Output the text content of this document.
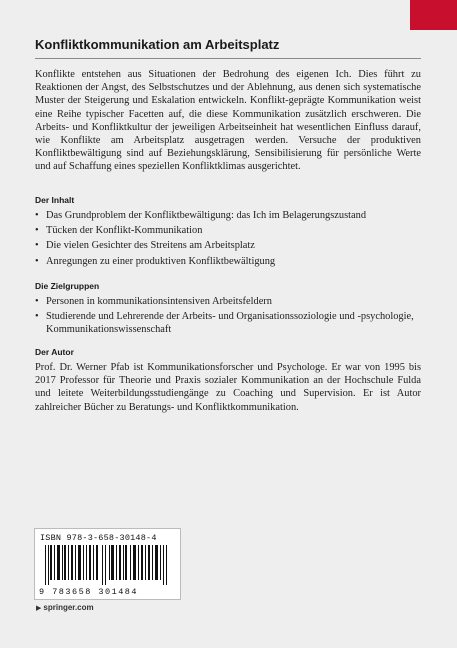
Konfliktkommunikation am Arbeitsplatz

Konflikte entstehen aus Situationen der Bedrohung des eigenen Ich. Dies führt zu Reaktionen der Angst, des Selbstschutzes und der Ablehnung, aus denen sich systematische Muster der Steigerung und Eskalation entwickeln. Konflikt-geprägte Kommunikation weist eine Reihe typischer Facetten auf, die diese Kommunikation zusätzlich erschweren. Die Arbeits- und Konfliktkultur der jeweiligen Arbeitseinheit hat wesentlichen Einfluss darauf, wie Konflikte am Arbeitsplatz ausgetragen werden. Versuche der produktiven Konfliktbewältigung sind auf Beziehungsklärung, Sensibilisierung für persönliche Werte und auf Schaffung eines speziellen Konfliktklimas ausgerichtet.

Der Inhalt
• Das Grundproblem der Konfliktbewältigung: das Ich im Belagerungszustand
• Tücken der Konflikt-Kommunikation
• Die vielen Gesichter des Streitens am Arbeitsplatz
• Anregungen zu einer produktiven Konfliktbewältigung
Die Zielgruppen
• Personen in kommunikationsintensiven Arbeitsfeldern
• Studierende und Lehrerende der Arbeits- und Organisationssoziologie und -psychologie, Kommunikationswissenschaft
Der Autor

Prof. Dr. Werner Pfab ist Kommunikationsforscher und Psychologe. Er war von 1995 bis 2017 Professor für Theorie und Praxis sozialer Kommunikation an der Hochschule Fulda und leitete Weiterbildungsstudiengänge zu Coaching und Supervision. Er ist Autor zahlreicher Bücher zu Beratungs- und Konfliktkommunikation.

ISBN 978-3-658-30148-4
9 783658 301484
▶ springer.com
